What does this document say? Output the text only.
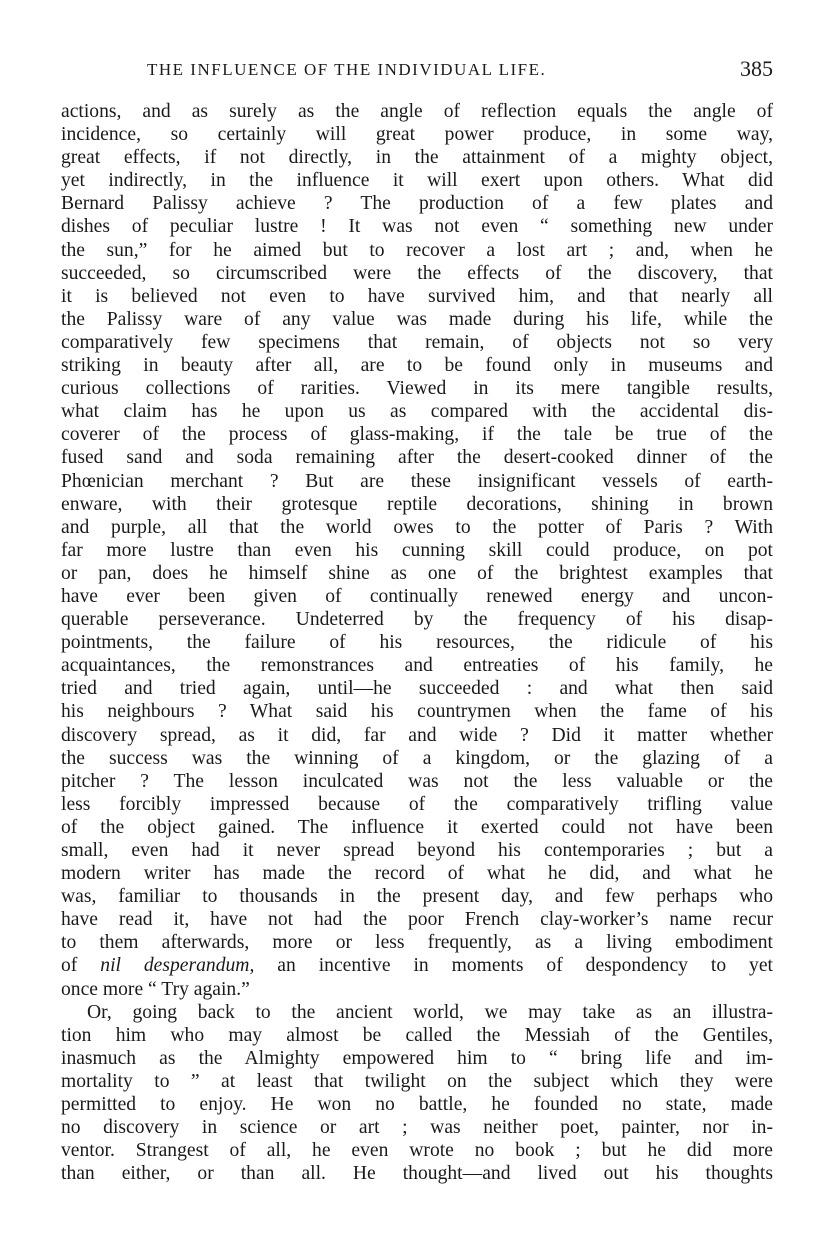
THE INFLUENCE OF THE INDIVIDUAL LIFE.	385
actions, and as surely as the angle of reflection equals the angle of
incidence, so certainly will great power produce, in some way,
great effects, if not directly, in the attainment of a mighty object,
yet indirectly, in the influence it will exert upon others. What did
Bernard Palissy achieve ? The production of a few plates and
dishes of peculiar lustre ! It was not even “ something new under
the sun,” for he aimed but to recover a lost art ; and, when he
succeeded, so circumscribed were the effects of the discovery, that
it is believed not even to have survived him, and that nearly all
the Palissy ware of any value was made during his life, while the
comparatively few specimens that remain, of objects not so very
striking in beauty after all, are to be found only in museums and
curious collections of rarities. Viewed in its mere tangible results,
what claim has he upon us as compared with the accidental dis-
coverer of the process of glass-making, if the tale be true of the
fused sand and soda remaining after the desert-cooked dinner of the
Phœnician merchant ? But are these insignificant vessels of earth-
enware, with their grotesque reptile decorations, shining in brown
and purple, all that the world owes to the potter of Paris ? With
far more lustre than even his cunning skill could produce, on pot
or pan, does he himself shine as one of the brightest examples that
have ever been given of continually renewed energy and uncon-
querable perseverance. Undeterred by the frequency of his disap-
pointments, the failure of his resources, the ridicule of his
acquaintances, the remonstrances and entreaties of his family, he
tried and tried again, until—he succeeded : and what then said
his neighbours ? What said his countrymen when the fame of his
discovery spread, as it did, far and wide ? Did it matter whether
the success was the winning of a kingdom, or the glazing of a
pitcher ? The lesson inculcated was not the less valuable or the
less forcibly impressed because of the comparatively trifling value
of the object gained. The influence it exerted could not have been
small, even had it never spread beyond his contemporaries ; but a
modern writer has made the record of what he did, and what he
was, familiar to thousands in the present day, and few perhaps who
have read it, have not had the poor French clay-worker’s name recur
to them afterwards, more or less frequently, as a living embodiment
of nil desperandum, an incentive in moments of despondency to yet
once more “ Try again.”
Or, going back to the ancient world, we may take as an illustra-
tion him who may almost be called the Messiah of the Gentiles,
inasmuch as the Almighty empowered him to “ bring life and im-
mortality to ” at least that twilight on the subject which they were
permitted to enjoy. He won no battle, he founded no state, made
no discovery in science or art ; was neither poet, painter, nor in-
ventor. Strangest of all, he even wrote no book ; but he did more
than either, or than all. He thought—and lived out his thoughts
